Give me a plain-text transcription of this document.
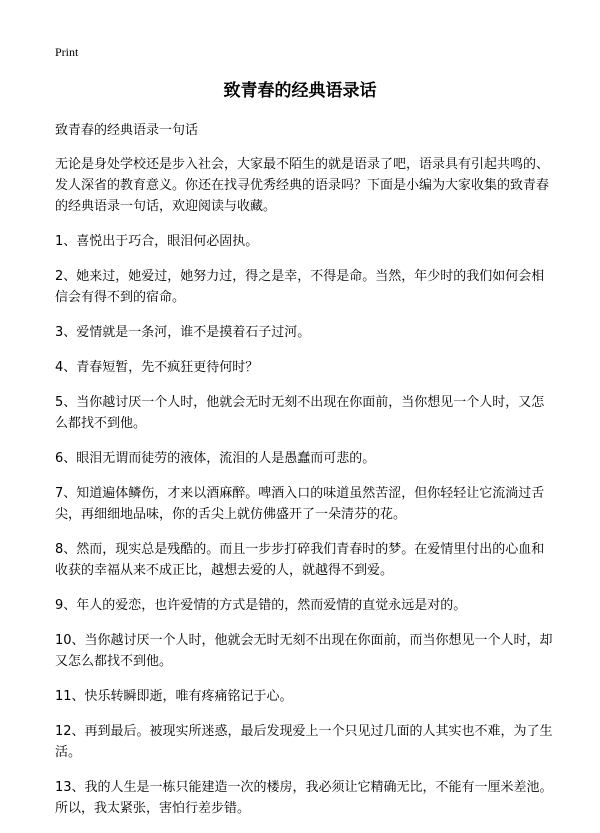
Print
致青春的经典语录话

致青春的经典语录一句话

无论是身处学校还是步入社会，大家最不陌生的就是语录了吧，语录具有引起共鸣的、发人深省的教育意义。你还在找寻优秀经典的语录吗？下面是小编为大家收集的致青春的经典语录一句话，欢迎阅读与收藏。

1、喜悦出于巧合，眼泪何必固执。

2、她来过，她爱过，她努力过，得之是幸，不得是命。当然，年少时的我们如何会相信会有得不到的宿命。

3、爱情就是一条河，谁不是摸着石子过河。

4、青春短暂，先不疯狂更待何时？

5、当你越讨厌一个人时，他就会无时无刻不出现在你面前，当你想见一个人时，又怎么都找不到他。

6、眼泪无谓而徒劳的液体，流泪的人是愚蠢而可悲的。

7、知道遍体鳞伤，才来以酒麻醉。啤酒入口的味道虽然苦涩，但你轻轻让它流淌过舌尖，再细细地品味，你的舌尖上就仿佛盛开了一朵清芬的花。

8、然而，现实总是残酷的。而且一步步打碎我们青春时的梦。在爱情里付出的心血和收获的幸福从来不成正比，越想去爱的人，就越得不到爱。

9、年人的爱恋，也许爱情的方式是错的，然而爱情的直觉永远是对的。

10、当你越讨厌一个人时，他就会无时无刻不出现在你面前，而当你想见一个人时，却又怎么都找不到他。

11、快乐转瞬即逝，唯有疼痛铭记于心。

12、再到最后。被现实所迷惑，最后发现爱上一个只见过几面的人其实也不难，为了生活。

13、我的人生是一栋只能建造一次的楼房，我必须让它精确无比，不能有一厘米差池。所以，我太紧张，害怕行差步错。
